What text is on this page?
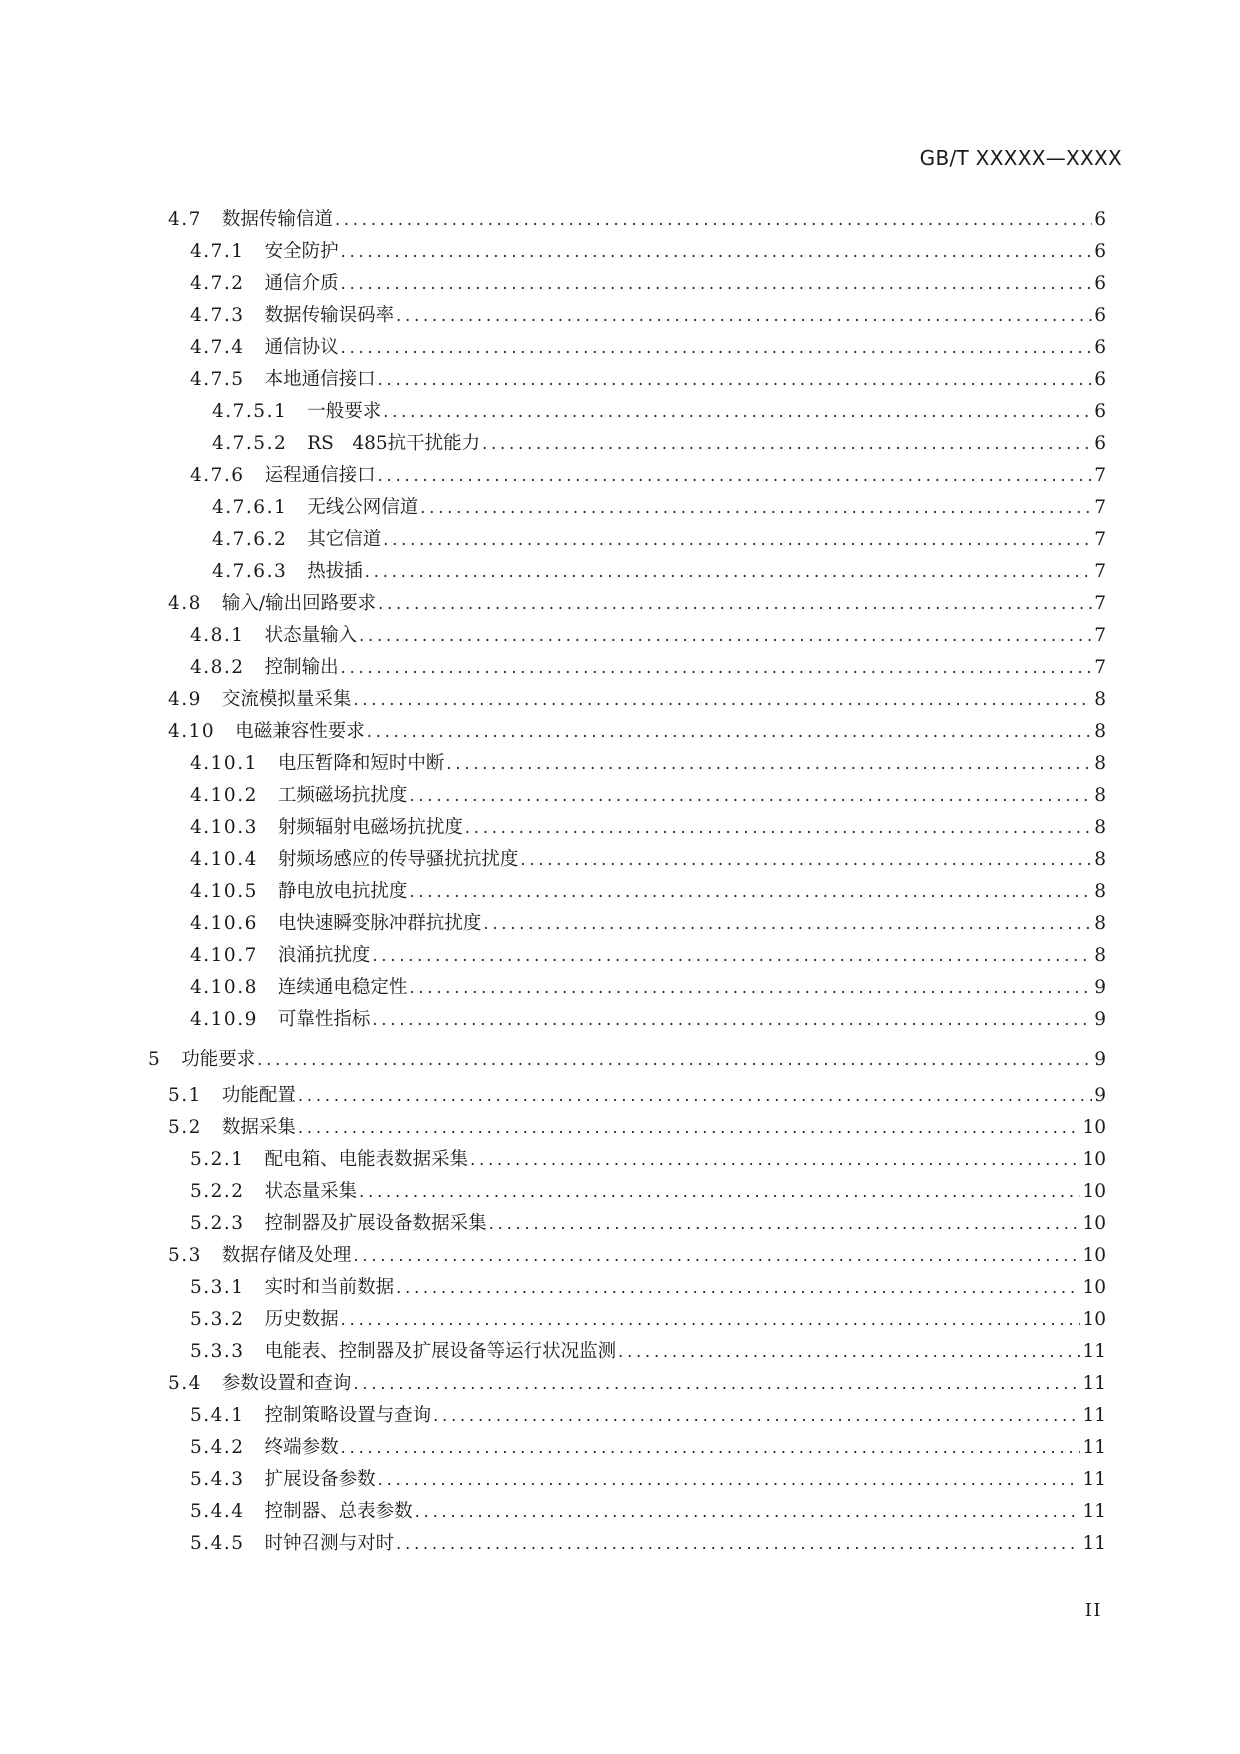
GB/T XXXXX—XXXX
4.7	数据传输信道 .....	6
4.7.1	安全防护 .....	6
4.7.2	通信介质 .....	6
4.7.3	数据传输误码率 .....	6
4.7.4	通信协议 .....	6
4.7.5	本地通信接口 .....	6
4.7.5.1	一般要求 .....	6
4.7.5.2	RS　485抗干扰能力 .....	6
4.7.6	运程通信接口 .....	7
4.7.6.1	无线公网信道 .....	7
4.7.6.2	其它信道 .....	7
4.7.6.3	热拔插 .....	7
4.8	输入/输出回路要求 .....	7
4.8.1	状态量输入 .....	7
4.8.2	控制输出 .....	7
4.9	交流模拟量采集 .....	8
4.10	电磁兼容性要求 .....	8
4.10.1	电压暂降和短时中断 .....	8
4.10.2	工频磁场抗扰度 .....	8
4.10.3	射频辐射电磁场抗扰度 .....	8
4.10.4	射频场感应的传导骚扰抗扰度 .....	8
4.10.5	静电放电抗扰度 .....	8
4.10.6	电快速瞬变脉冲群抗扰度 .....	8
4.10.7	浪涌抗扰度 .....	8
4.10.8	连续通电稳定性 .....	9
4.10.9	可靠性指标 .....	9
5	功能要求 .....	9
5.1	功能配置 .....	9
5.2	数据采集 .....	10
5.2.1	配电箱、电能表数据采集 .....	10
5.2.2	状态量采集 .....	10
5.2.3	控制器及扩展设备数据采集 .....	10
5.3	数据存储及处理 .....	10
5.3.1	实时和当前数据 .....	10
5.3.2	历史数据 .....	10
5.3.3	电能表、控制器及扩展设备等运行状况监测 .....	11
5.4	参数设置和查询 .....	11
5.4.1	控制策略设置与查询 .....	11
5.4.2	终端参数 .....	11
5.4.3	扩展设备参数 .....	11
5.4.4	控制器、总表参数 .....	11
5.4.5	时钟召测与对时 .....	11
II
